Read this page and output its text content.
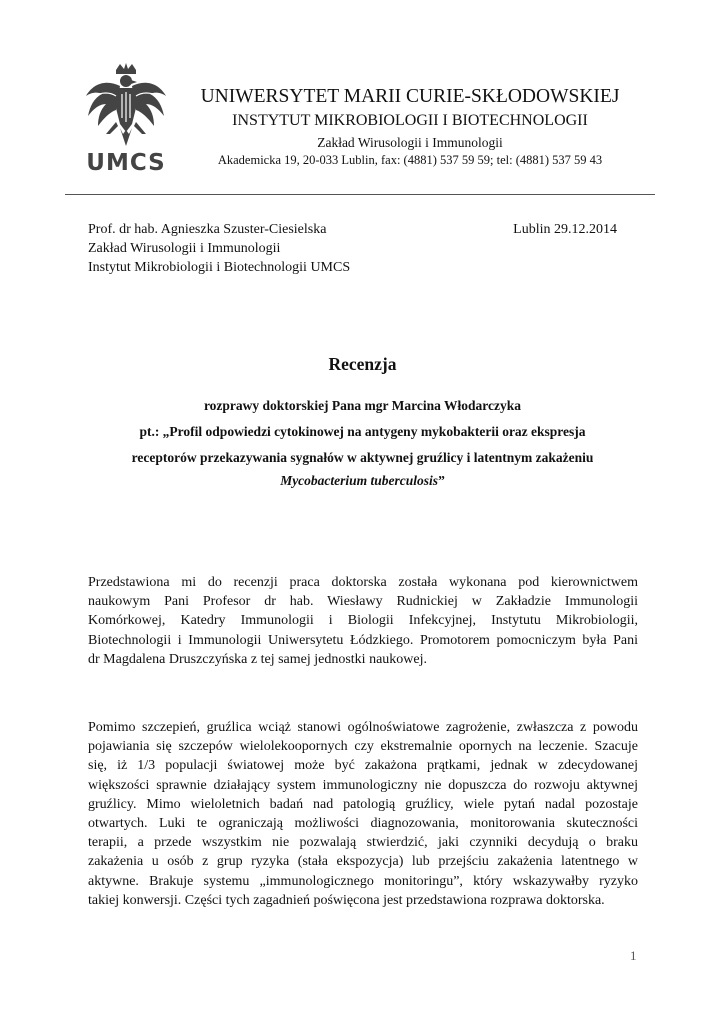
UMCS
UNIWERSYTET MARII CURIE-SKŁODOWSKIEJ
INSTYTUT MIKROBIOLOGII I BIOTECHNOLOGII
Zakład Wirusologii i Immunologii
Akademicka 19, 20-033 Lublin, fax: (4881) 537 59 59; tel: (4881) 537 59 43
Prof. dr hab. Agnieszka Szuster-Ciesielska
Zakład Wirusologii i Immunologii
Instytut Mikrobiologii i Biotechnologii UMCS
Lublin 29.12.2014
Recenzja
rozprawy doktorskiej Pana mgr Marcina Włodarczyka
pt.: „Profil odpowiedzi cytokinowej na antygeny mykobakterii oraz ekspresja
receptorów przekazywania sygnałów w aktywnej gruźlicy i latentnym zakażeniu
Mycobacterium tuberculosis”
Przedstawiona mi do recenzji praca doktorska została wykonana pod kierownictwem
naukowym Pani Profesor dr hab. Wiesławy Rudnickiej w Zakładzie Immunologii
Komórkowej, Katedry Immunologii i Biologii Infekcyjnej, Instytutu Mikrobiologii,
Biotechnologii i Immunologii Uniwersytetu Łódzkiego. Promotorem pomocniczym była Pani
dr Magdalena Druszczyńska z tej samej jednostki naukowej.
Pomimo szczepień, gruźlica wciąż stanowi ogólnoświatowe zagrożenie, zwłaszcza z powodu
pojawiania się szczepów wielolekoopornych czy ekstremalnie opornych na leczenie. Szacuje
się, iż 1/3 populacji światowej może być zakażona prątkami, jednak w zdecydowanej
większości sprawnie działający system immunologiczny nie dopuszcza do rozwoju aktywnej
gruźlicy. Mimo wieloletnich badań nad patologią gruźlicy, wiele pytań nadal pozostaje
otwartych. Luki te ograniczają możliwości diagnozowania, monitorowania skuteczności
terapii, a przede wszystkim nie pozwalają stwierdzić, jaki czynniki decydują o braku
zakażenia u osób z grup ryzyka (stała ekspozycja) lub przejściu zakażenia latentnego w
aktywne. Brakuje systemu „immunologicznego monitoringu”, który wskazywałby ryzyko
takiej konwersji. Części tych zagadnień poświęcona jest przedstawiona rozprawa doktorska.
1
